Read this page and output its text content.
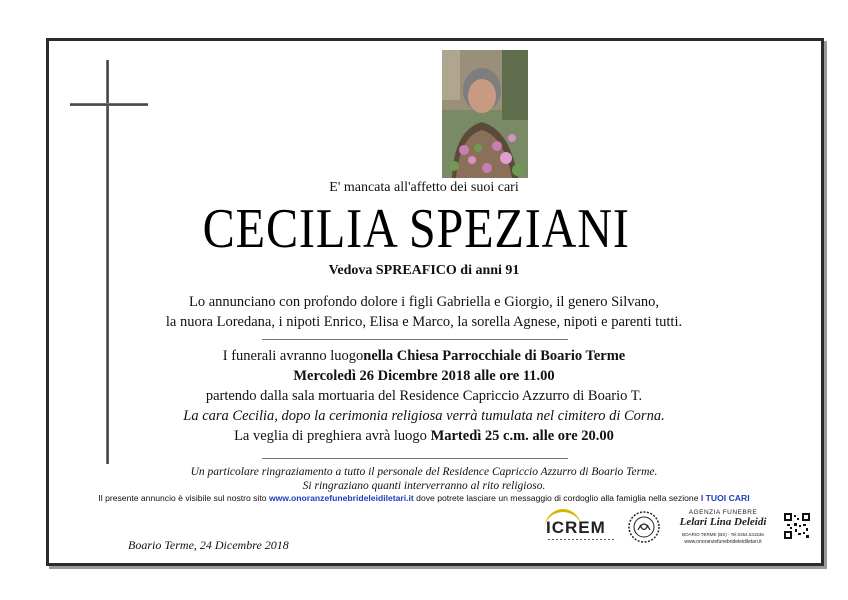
E' mancata all'affetto dei suoi cari
CECILIA SPEZIANI
Vedova SPREAFICO di anni 91
Lo annunciano con profondo dolore i figli Gabriella e Giorgio, il genero Silvano,
la nuora Loredana, i nipoti Enrico, Elisa e Marco, la sorella Agnese, nipoti e parenti tutti.
I funerali avranno luogonella Chiesa Parrocchiale di Boario Terme
Mercoledì 26 Dicembre 2018 alle ore 11.00
partendo dalla sala mortuaria del Residence Capriccio Azzurro di Boario T.
La cara Cecilia, dopo la cerimonia religiosa verrà tumulata nel cimitero di Corna.
La veglia di preghiera avrà luogo Martedì 25 c.m. alle ore 20.00
Un particolare ringraziamento a tutto il personale del Residence Capriccio Azzurro di Boario Terme.
Si ringraziano quanti interverranno al rito religioso.
Il presente annuncio è visibile sul nostro sito www.onoranzefunebrideleidiletari.it dove potrete lasciare un messaggio di cordoglio alla famiglia nella sezione I TUOI CARI
Boario Terme, 24 Dicembre 2018
ICREM
AGENZIA FUNEBRE
Lelari Lina Deleidi
BOARIO TERME (BS) - Tel.0364.531536
www.onoranzefunebrideleidiletari.it
